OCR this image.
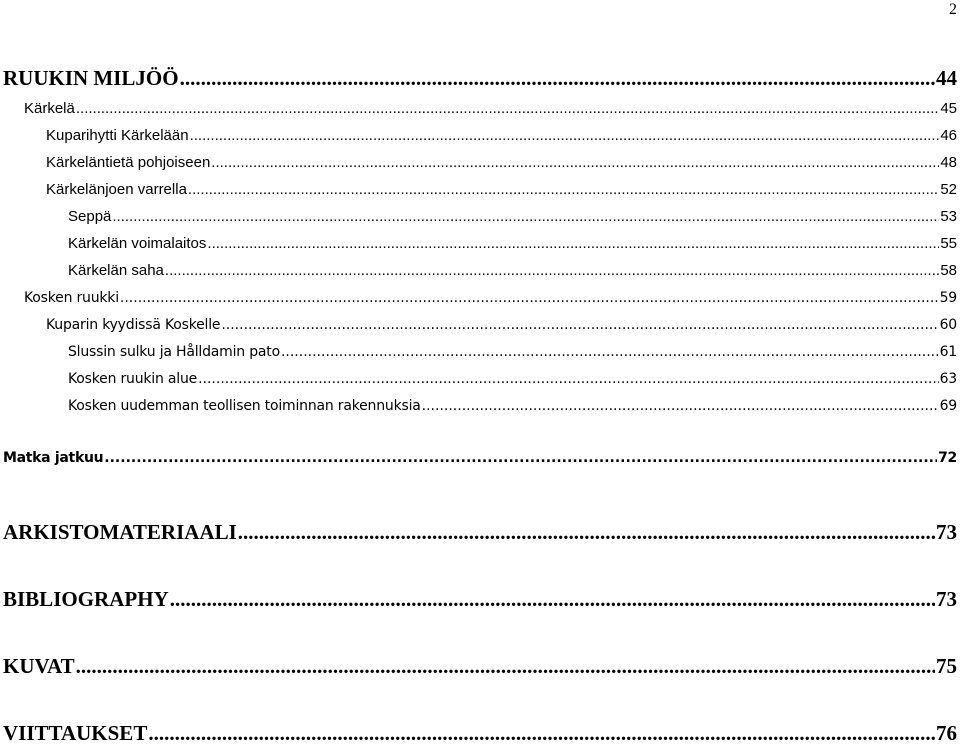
2
RUUKIN MILJÖÖ .....	44
Kärkelä .....	45
Kuparihytti Kärkelään .....	46
Kärkeläntietä pohjoiseen .....	48
Kärkelänjoen varrella .....	52
Seppä .....	53
Kärkelän voimalaitos .....	55
Kärkelän saha .....	58
Kosken ruukki .....	59
Kuparin kyydissä Koskelle .....	60
Slussin sulku ja Hålldamin pato .....	61
Kosken ruukin alue .....	63
Kosken uudemman teollisen toiminnan rakennuksia .....	69
Matka jatkuu .....	72
ARKISTOMATERIAALI .....	73
BIBLIOGRAPHY .....	73
KUVAT .....	75
VIITTAUKSET .....	76
